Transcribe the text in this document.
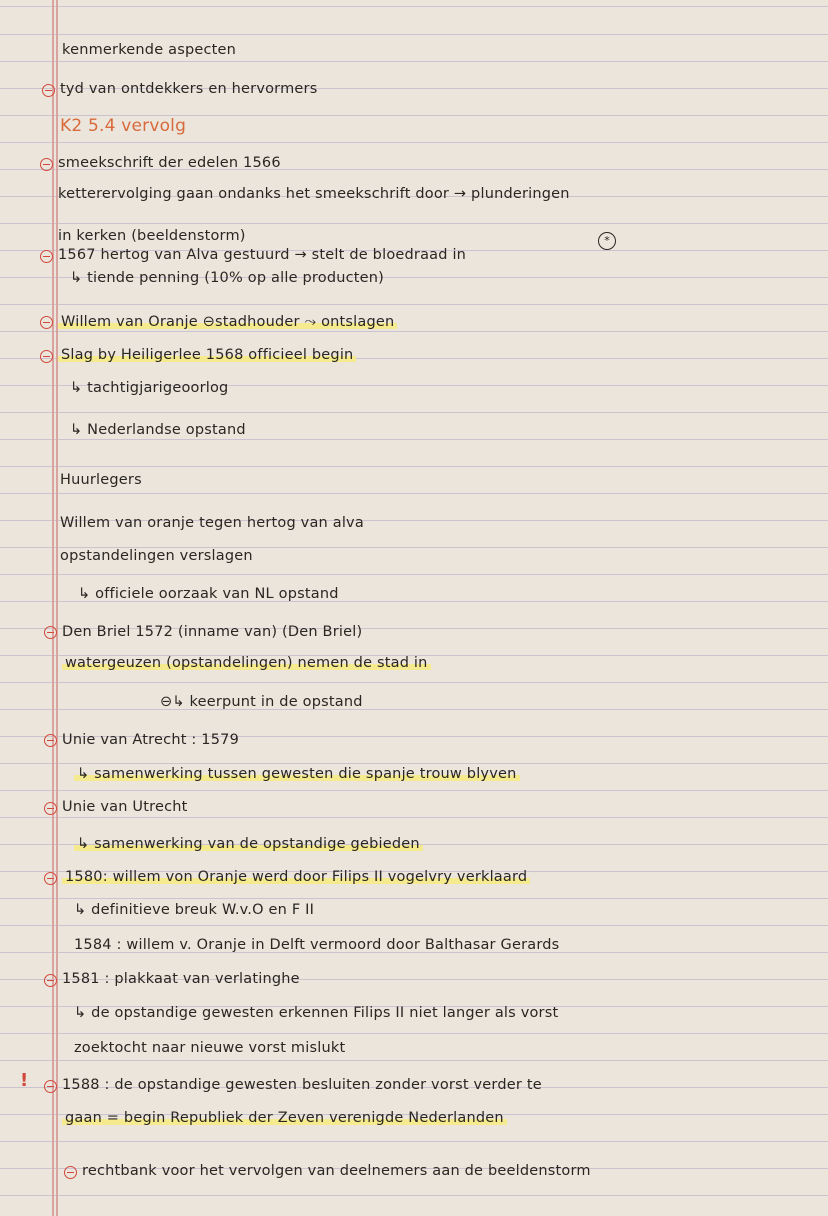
kenmerkende aspecten
tyd van ontdekkers en hervormers
K2 5.4 vervolg
smeekschrift der edelen 1566
ketterervolging gaan ondanks het smeekschrift door → plunderingen
in kerken (beeldenstorm)	*
1567 hertog van Alva gestuurd → stelt de bloedraad in
↳ tiende penning (10% op alle producten)
Willem van Oranje ⊖stadhouder ⤳ ontslagen
Slag by Heiligerlee 1568 officieel begin
↳ tachtigjarigeoorlog
↳ Nederlandse opstand
Huurlegers
Willem van oranje tegen hertog van alva
opstandelingen verslagen
↳ officiele oorzaak van NL opstand
Den Briel 1572 (inname van) (Den Briel)
watergeuzen (opstandelingen) nemen de stad in
⊖↳ keerpunt in de opstand
Unie van Atrecht : 1579
↳ samenwerking tussen gewesten die spanje trouw blyven
Unie van Utrecht
↳ samenwerking van de opstandige gebieden
1580: willem von Oranje werd door Filips II vogelvry verklaard
↳ definitieve breuk W.v.O en F II
1584 : willem v. Oranje in Delft vermoord door Balthasar Gerards
1581 : plakkaat van verlatinghe
↳ de opstandige gewesten erkennen Filips II niet langer als vorst
zoektocht naar nieuwe vorst mislukt
! 1588 : de opstandige gewesten besluiten zonder vorst verder te
gaan = begin Republiek der Zeven verenigde Nederlanden
rechtbank voor het vervolgen van deelnemers aan de beeldenstorm
